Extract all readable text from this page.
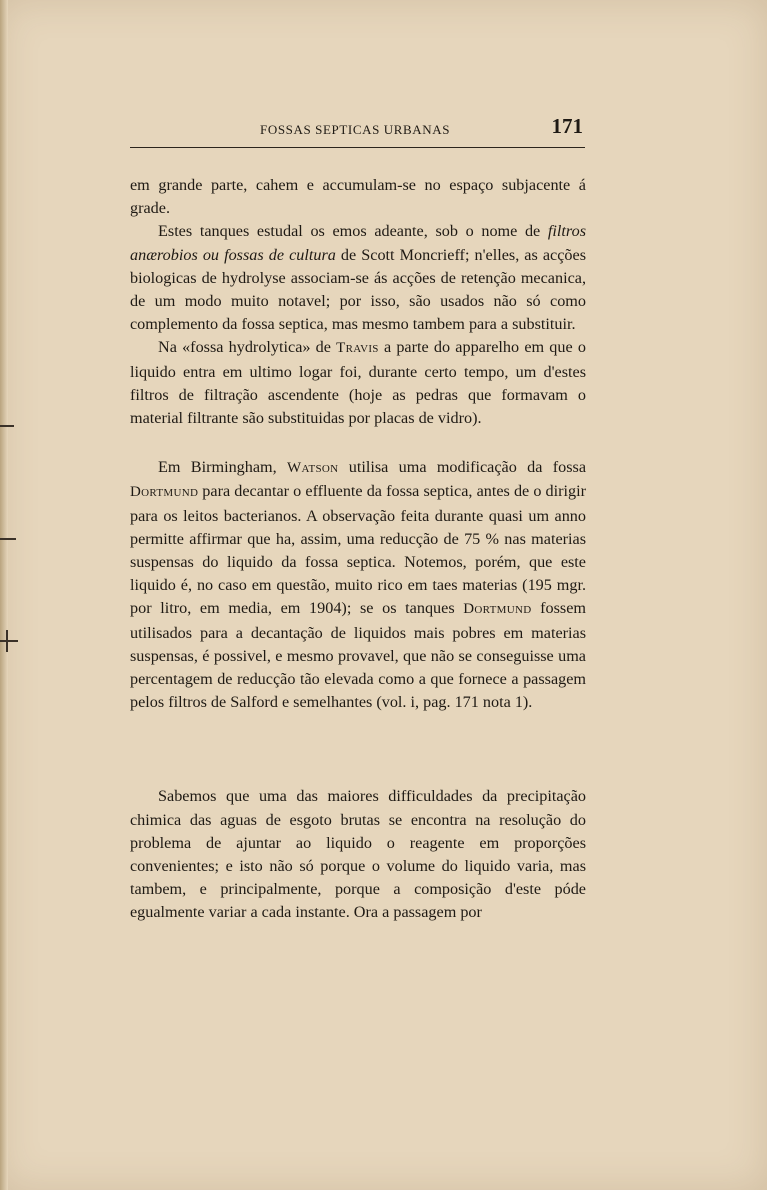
FOSSAS SEPTICAS URBANAS	171

em grande parte, cahem e accumulam-se no espaço subjacente á grade.

Estes tanques estudal os emos adeante, sob o nome de filtros anærobios ou fossas de cultura de Scott Moncrieff; n'elles, as acções biologicas de hydrolyse associam-se ás acções de retenção mecanica, de um modo muito notavel; por isso, são usados não só como complemento da fossa septica, mas mesmo tambem para a substituir.

Na «fossa hydrolytica» de Travis a parte do apparelho em que o liquido entra em ultimo logar foi, durante certo tempo, um d'estes filtros de filtração ascendente (hoje as pedras que formavam o material filtrante são substituidas por placas de vidro).

Em Birmingham, Watson utilisa uma modificação da fossa Dortmund para decantar o effluente da fossa septica, antes de o dirigir para os leitos bacterianos. A observação feita durante quasi um anno permitte affirmar que ha, assim, uma reducção de 75 % nas materias suspensas do liquido da fossa septica. Notemos, porém, que este liquido é, no caso em questão, muito rico em taes materias (195 mgr. por litro, em media, em 1904); se os tanques Dortmund fossem utilisados para a decantação de liquidos mais pobres em materias suspensas, é possivel, e mesmo provavel, que não se conseguisse uma percentagem de reducção tão elevada como a que fornece a passagem pelos filtros de Salford e semelhantes (vol. i, pag. 171 nota 1).

Sabemos que uma das maiores difficuldades da precipitação chimica das aguas de esgoto brutas se encontra na resolução do problema de ajuntar ao liquido o reagente em proporções convenientes; e isto não só porque o volume do liquido varia, mas tambem, e principalmente, porque a composição d'este póde egualmente variar a cada instante. Ora a passagem por
